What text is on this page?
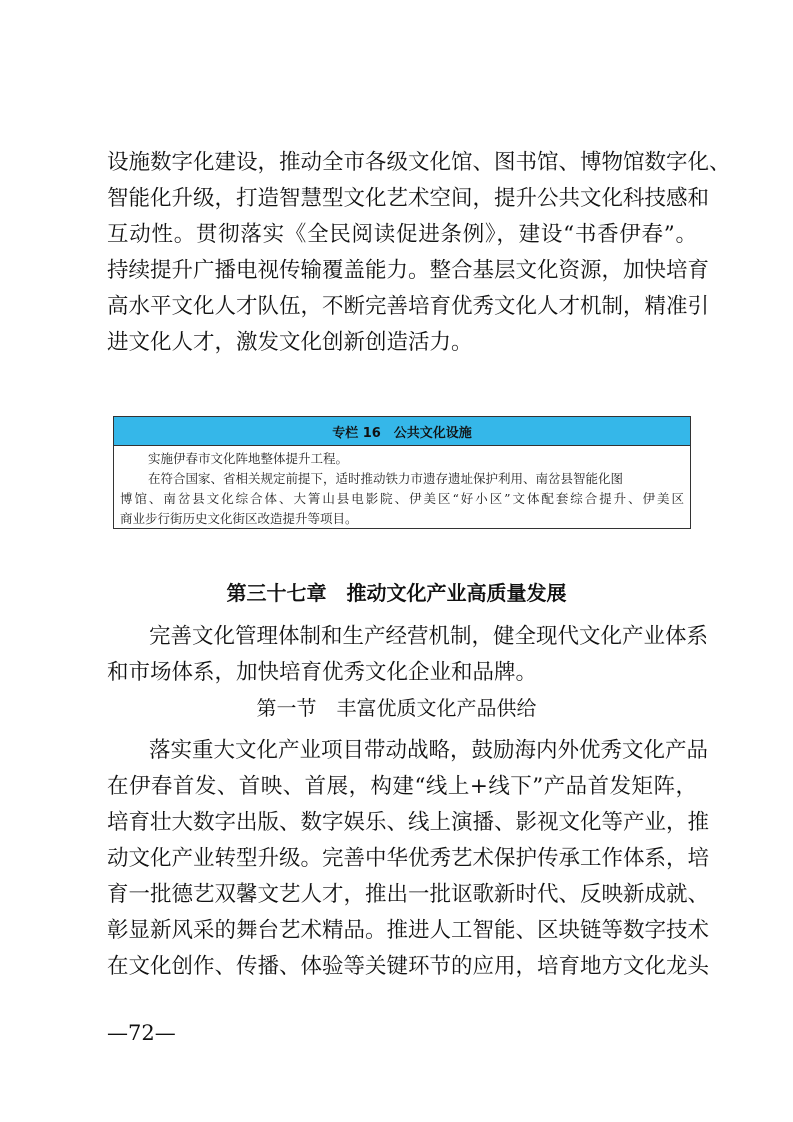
设施数字化建设，推动全市各级文化馆、图书馆、博物馆数字化、
智能化升级，打造智慧型文化艺术空间，提升公共文化科技感和
互动性。贯彻落实《全民阅读促进条例》，建设“书香伊春”。
持续提升广播电视传输覆盖能力。整合基层文化资源，加快培育
高水平文化人才队伍，不断完善培育优秀文化人才机制，精准引
进文化人才，激发文化创新创造活力。
专栏 16　公共文化设施
实施伊春市文化阵地整体提升工程。
在符合国家、省相关规定前提下，适时推动铁力市遗存遗址保护利用、南岔县智能化图
博馆、南岔县文化综合体、大箐山县电影院、伊美区“好小区”文体配套综合提升、伊美区
商业步行街历史文化街区改造提升等项目。
第三十七章　推动文化产业高质量发展
完善文化管理体制和生产经营机制，健全现代文化产业体系
和市场体系，加快培育优秀文化企业和品牌。
第一节　丰富优质文化产品供给
落实重大文化产业项目带动战略，鼓励海内外优秀文化产品
在伊春首发、首映、首展，构建“线上+线下”产品首发矩阵，
培育壮大数字出版、数字娱乐、线上演播、影视文化等产业，推
动文化产业转型升级。完善中华优秀艺术保护传承工作体系，培
育一批德艺双馨文艺人才，推出一批讴歌新时代、反映新成就、
彰显新风采的舞台艺术精品。推进人工智能、区块链等数字技术
在文化创作、传播、体验等关键环节的应用，培育地方文化龙头
—72—
